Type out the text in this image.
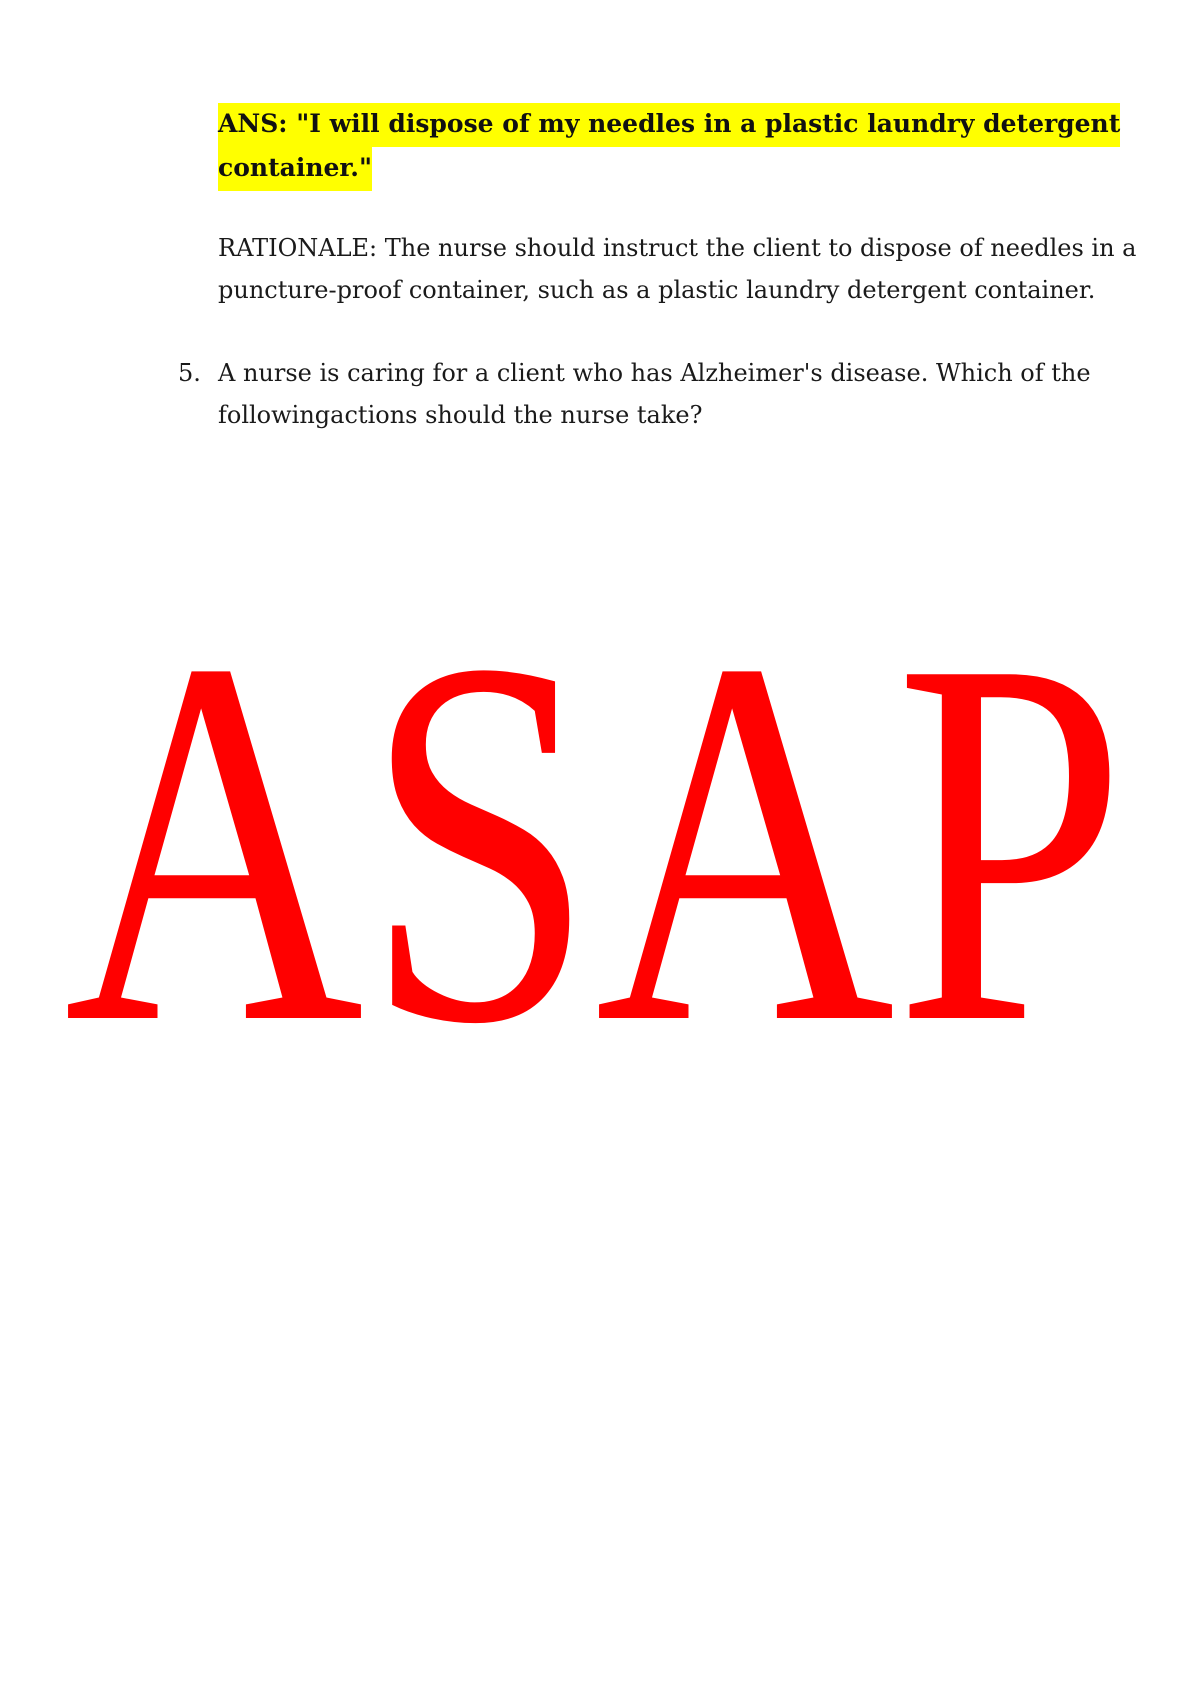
ANS: "I will dispose of my needles in a plastic laundry detergent
container."
RATIONALE: The nurse should instruct the client to dispose of needles in a
puncture-proof container, such as a plastic laundry detergent container.
5. A nurse is caring for a client who has Alzheimer's disease. Which of the
followingactions should the nurse take?
ASAP
